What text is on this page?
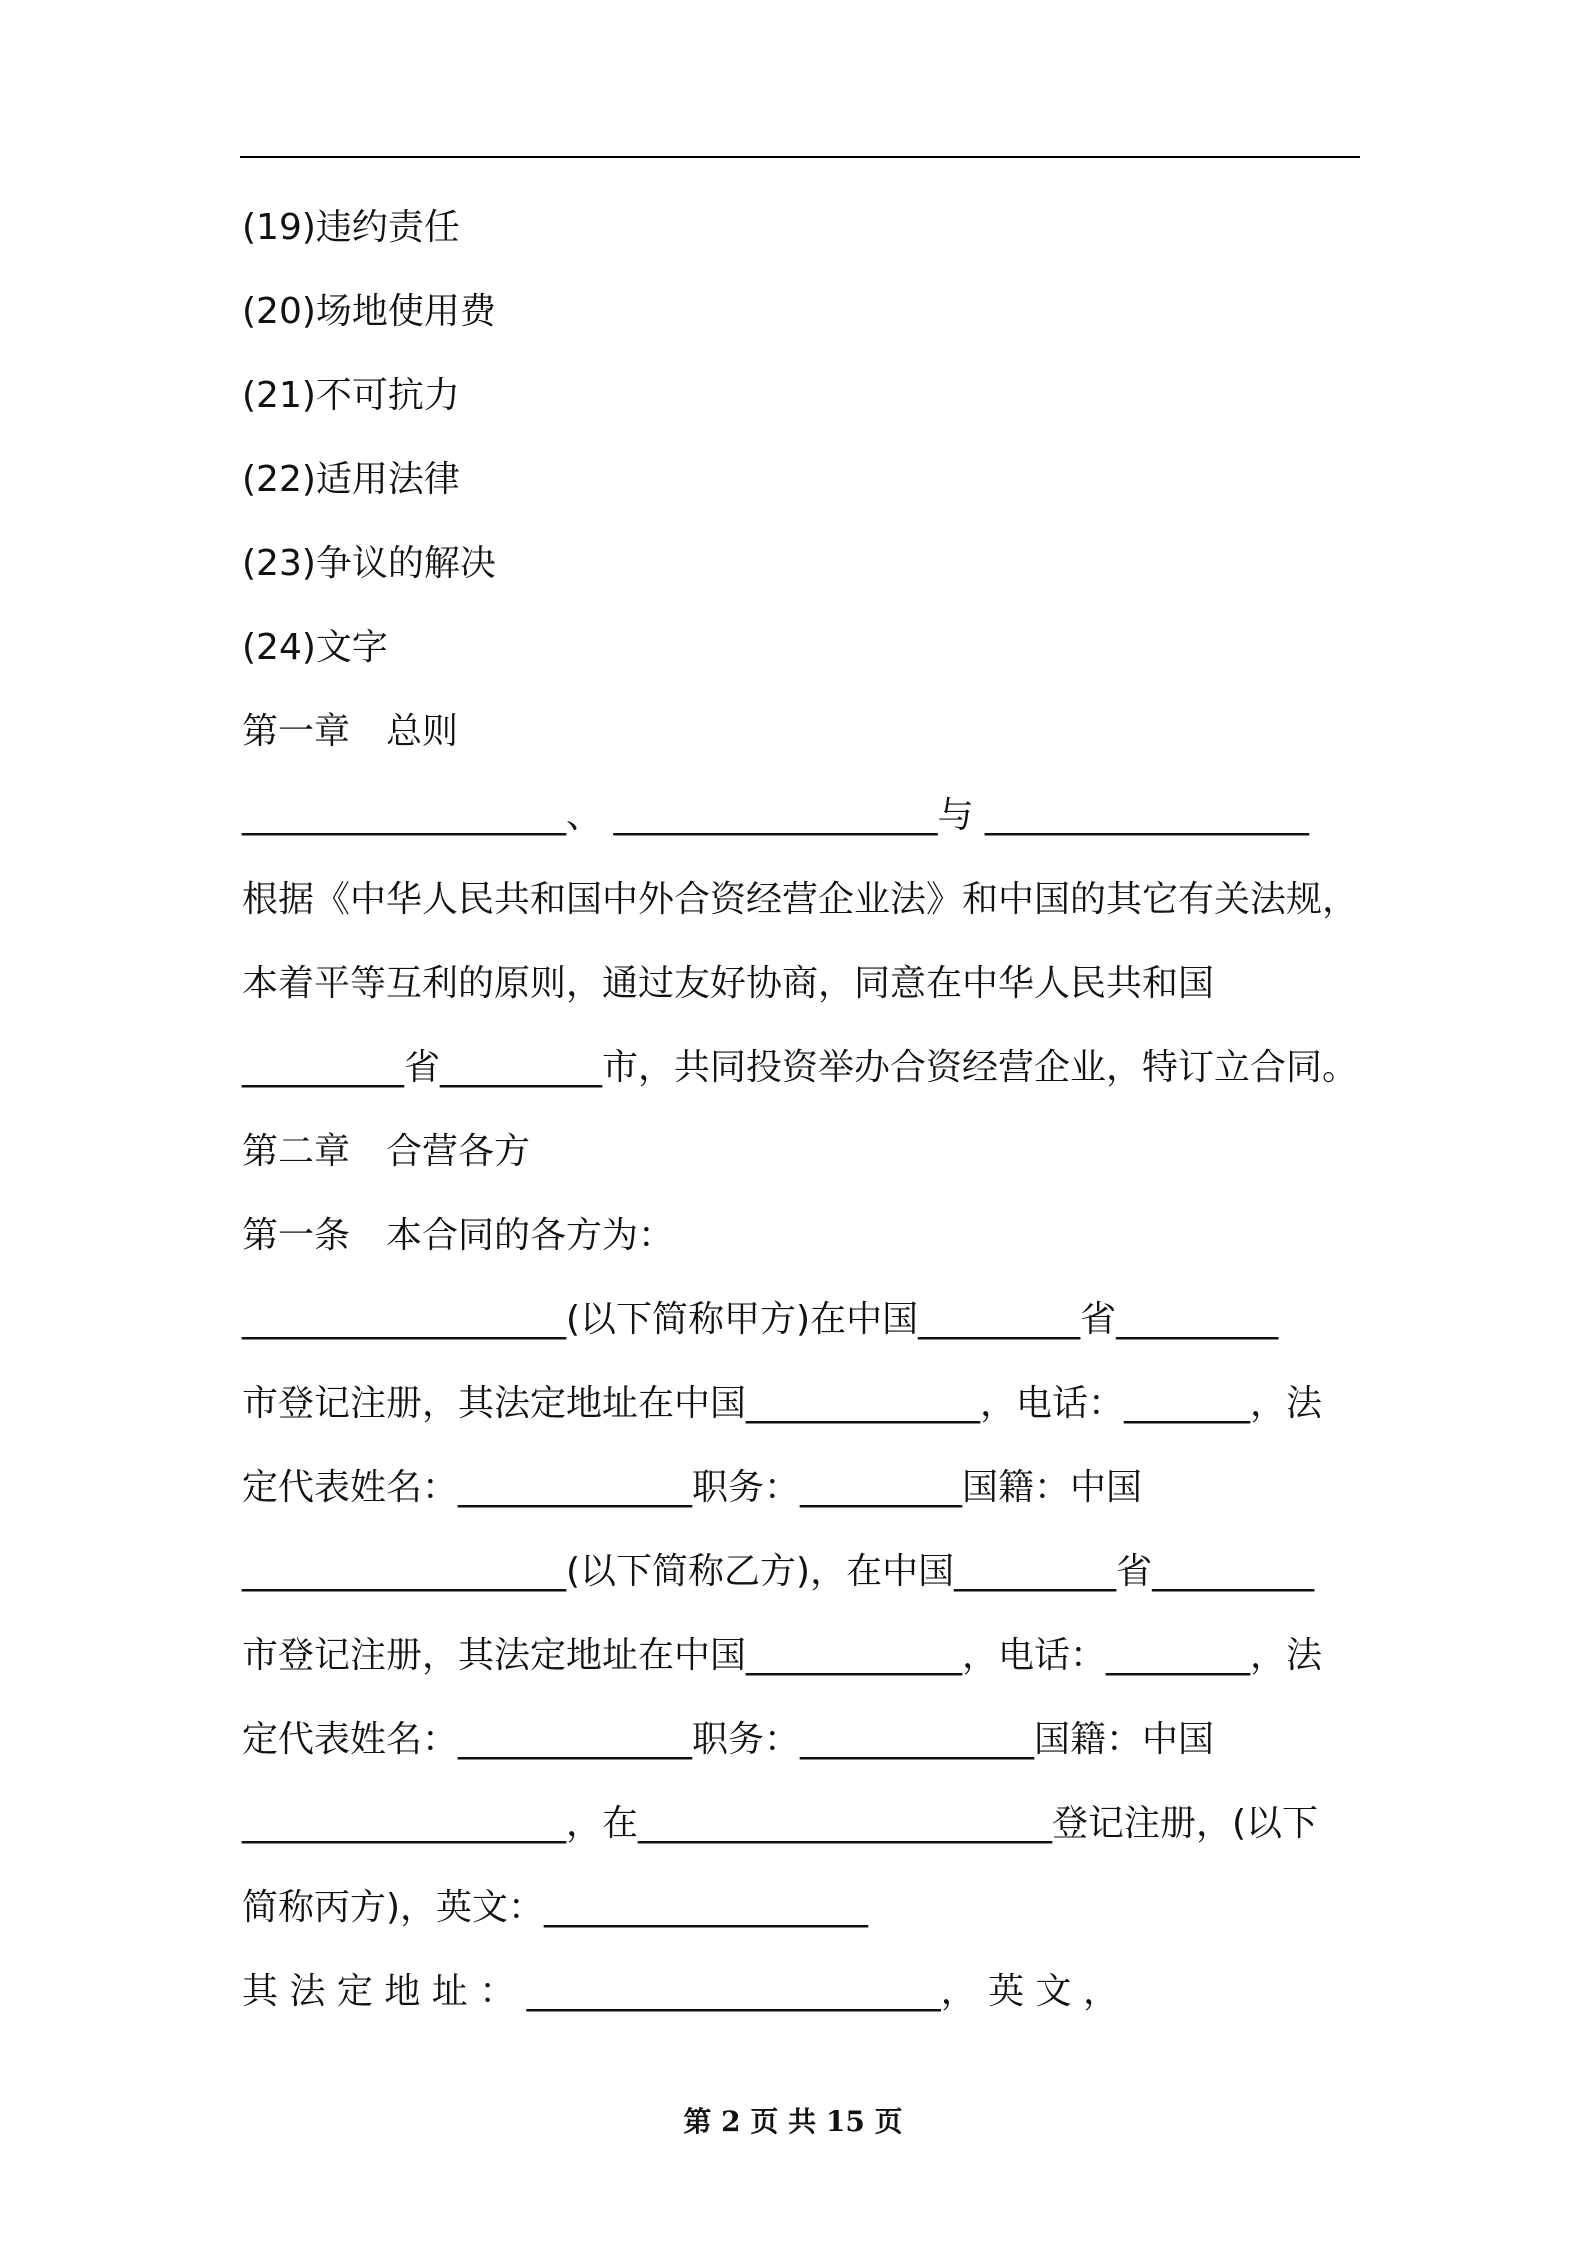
(19)违约责任
(20)场地使用费
(21)不可抗力
(22)适用法律
(23)争议的解决
(24)文字
第一章　总则
__________________、 __________________与 __________________
根据《中华人民共和国中外合资经营企业法》和中国的其它有关法规，
本着平等互利的原则，通过友好协商，同意在中华人民共和国
_________省_________市，共同投资举办合资经营企业，特订立合同。
第二章　合营各方
第一条　本合同的各方为：
__________________(以下简称甲方)在中国_________省_________
市登记注册，其法定地址在中国_____________，电话：_______，法
定代表姓名：_____________职务：_________国籍：中国
__________________(以下简称乙方)，在中国_________省_________
市登记注册，其法定地址在中国____________，电话：________，法
定代表姓名：_____________职务：_____________国籍：中国
__________________，在_______________________登记注册，(以下
简称丙方)，英文：__________________
其 法 定 地 址 ： _______________________， 英 文 ，
第 2 页 共 15 页
